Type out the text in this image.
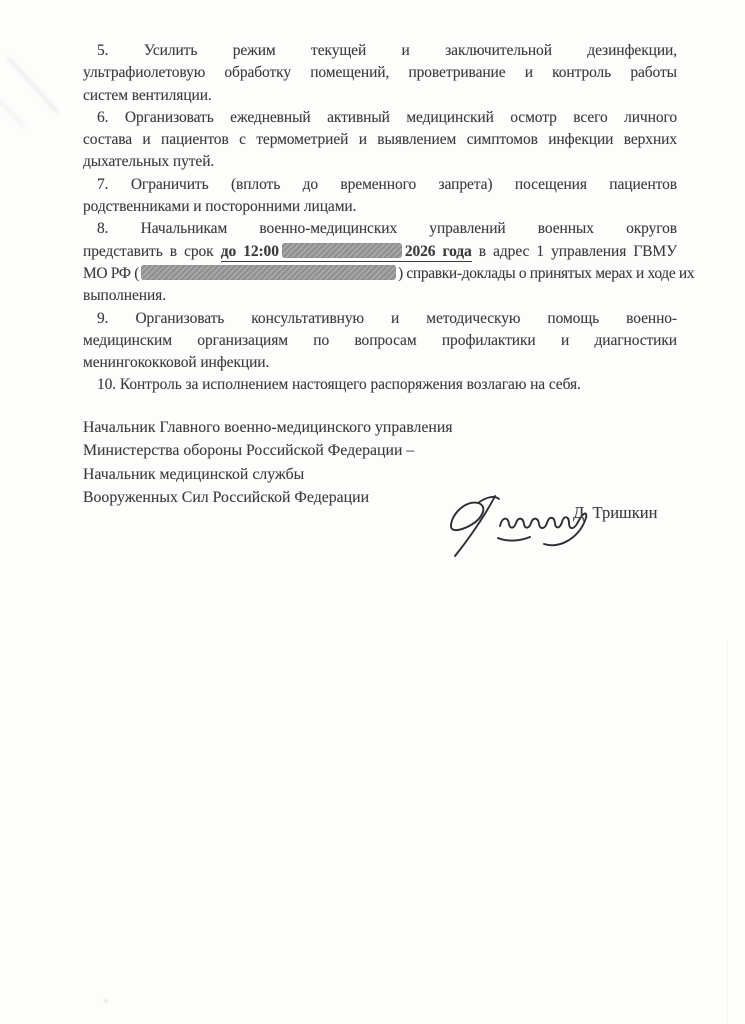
5. Усилить режим текущей и заключительной дезинфекции,
ультрафиолетовую обработку помещений, проветривание и контроль работы
систем вентиляции.
6. Организовать ежедневный активный медицинский осмотр всего личного
состава и пациентов с термометрией и выявлением симптомов инфекции верхних
дыхательных путей.
7. Ограничить (вплоть до временного запрета) посещения пациентов
родственниками и посторонними лицами.
8. Начальникам военно-медицинских управлений военных округов
представить в срок до 12:00	2026 года в адрес 1 управления ГВМУ
МО РФ (	) справки-доклады о принятых мерах и ходе их
выполнения.
9. Организовать консультативную и методическую помощь военно-
медицинским организациям по вопросам профилактики и диагностики
менингококковой инфекции.
10. Контроль за исполнением настоящего распоряжения возлагаю на себя.
Начальник Главного военно-медицинского управления
Министерства обороны Российской Федерации –
Начальник медицинской службы
Вооруженных Сил Российской Федерации
Д. Тришкин
